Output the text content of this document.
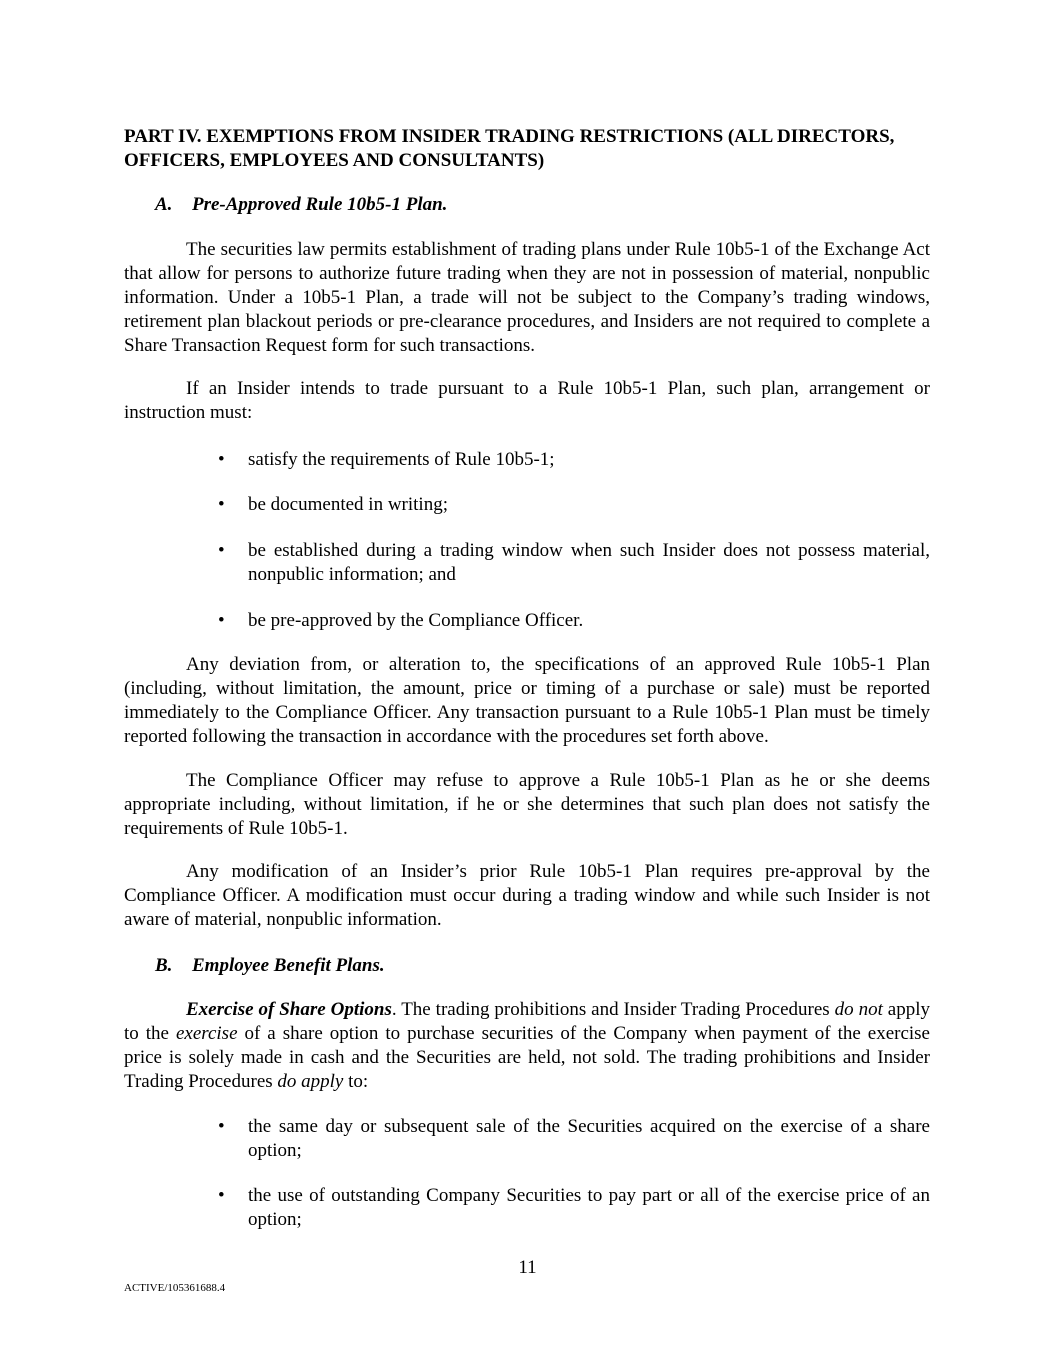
PART IV. EXEMPTIONS FROM INSIDER TRADING RESTRICTIONS (ALL DIRECTORS, OFFICERS, EMPLOYEES AND CONSULTANTS)

A. Pre-Approved Rule 10b5-1 Plan.

The securities law permits establishment of trading plans under Rule 10b5-1 of the Exchange Act that allow for persons to authorize future trading when they are not in possession of material, nonpublic information. Under a 10b5-1 Plan, a trade will not be subject to the Company’s trading windows, retirement plan blackout periods or pre-clearance procedures, and Insiders are not required to complete a Share Transaction Request form for such transactions.

If an Insider intends to trade pursuant to a Rule 10b5-1 Plan, such plan, arrangement or instruction must:

• satisfy the requirements of Rule 10b5-1;
• be documented in writing;
• be established during a trading window when such Insider does not possess material, nonpublic information; and
• be pre-approved by the Compliance Officer.

Any deviation from, or alteration to, the specifications of an approved Rule 10b5-1 Plan (including, without limitation, the amount, price or timing of a purchase or sale) must be reported immediately to the Compliance Officer. Any transaction pursuant to a Rule 10b5-1 Plan must be timely reported following the transaction in accordance with the procedures set forth above.

The Compliance Officer may refuse to approve a Rule 10b5-1 Plan as he or she deems appropriate including, without limitation, if he or she determines that such plan does not satisfy the requirements of Rule 10b5-1.

Any modification of an Insider’s prior Rule 10b5-1 Plan requires pre-approval by the Compliance Officer. A modification must occur during a trading window and while such Insider is not aware of material, nonpublic information.

B. Employee Benefit Plans.

Exercise of Share Options. The trading prohibitions and Insider Trading Procedures do not apply to the exercise of a share option to purchase securities of the Company when payment of the exercise price is solely made in cash and the Securities are held, not sold. The trading prohibitions and Insider Trading Procedures do apply to:

• the same day or subsequent sale of the Securities acquired on the exercise of a share option;
• the use of outstanding Company Securities to pay part or all of the exercise price of an option;
11
ACTIVE/105361688.4
